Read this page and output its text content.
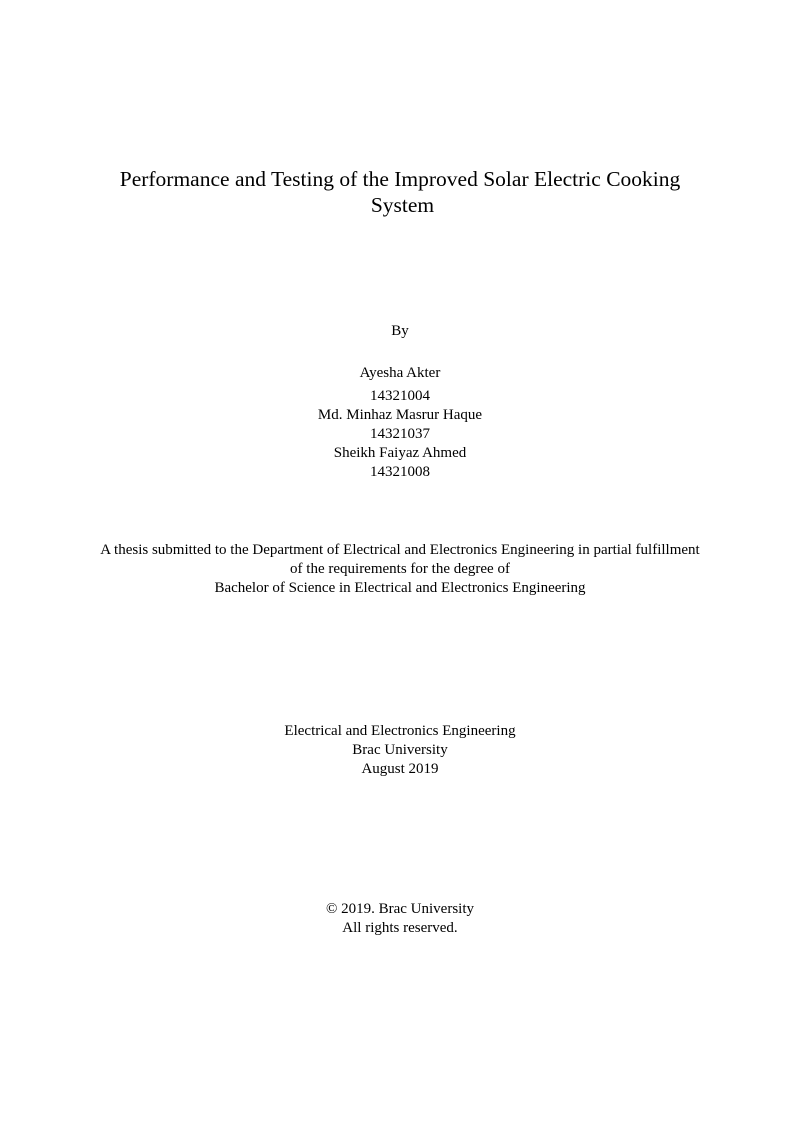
Performance and Testing of the Improved Solar Electric Cooking
System
By
Ayesha Akter
14321004
Md. Minhaz Masrur Haque
14321037
Sheikh Faiyaz Ahmed
14321008
A thesis submitted to the Department of Electrical and Electronics Engineering in partial fulfillment
of the requirements for the degree of
Bachelor of Science in Electrical and Electronics Engineering
Electrical and Electronics Engineering
Brac University
August 2019
© 2019. Brac University
All rights reserved.
